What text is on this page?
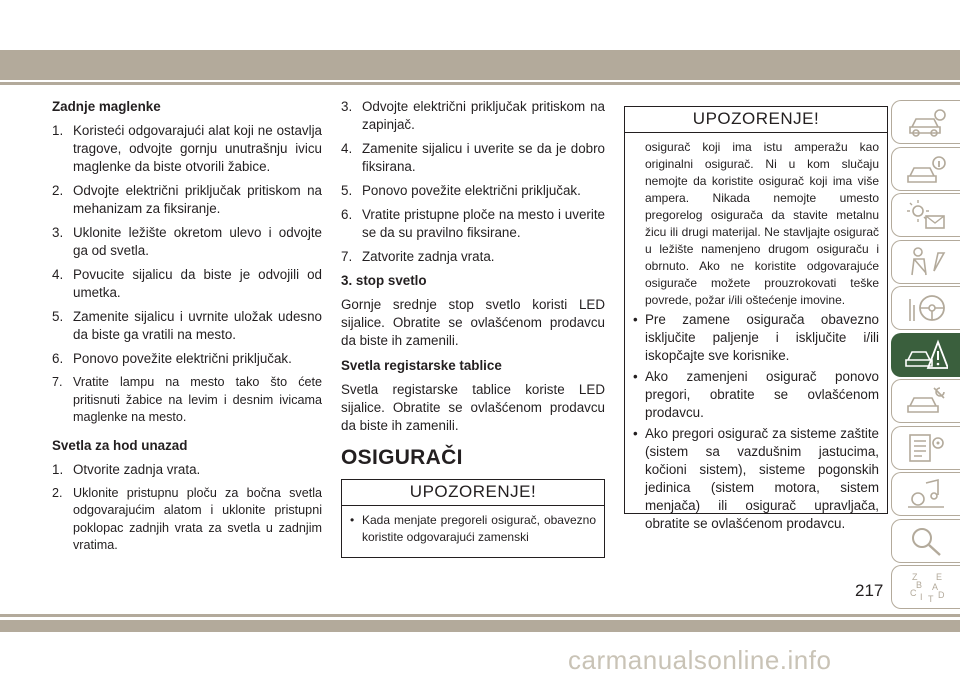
Zadnje maglenke
1. Koristeći odgovarajući alat koji ne ostavlja tragove, odvojte gornju unutrašnju ivicu maglenke da biste otvorili žabice.
2. Odvojte električni priključak pritiskom na mehanizam za fiksiranje.
3. Uklonite ležište okretom ulevo i odvojte ga od svetla.
4. Povucite sijalicu da biste je odvojili od umetka.
5. Zamenite sijalicu i uvrnite uložak udesno da biste ga vratili na mesto.
6. Ponovo povežite električni priključak.
7. Vratite lampu na mesto tako što ćete pritisnuti žabice na levim i desnim ivicama maglenke na mesto.
Svetla za hod unazad
1. Otvorite zadnja vrata.
2. Uklonite pristupnu ploču za bočna svetla odgovarajućim alatom i uklonite pristupni poklopac zadnjih vrata za svetla u zadnjim vratima.
3. Odvojte električni priključak pritiskom na zapinjač.
4. Zamenite sijalicu i uverite se da je dobro fiksirana.
5. Ponovo povežite električni priključak.
6. Vratite pristupne ploče na mesto i uverite se da su pravilno fiksirane.
7. Zatvorite zadnja vrata.
3. stop svetlo

Gornje srednje stop svetlo koristi LED sijalice. Obratite se ovlašćenom prodavcu da biste ih zamenili.

Svetla registarske tablice

Svetla registarske tablice koriste LED sijalice. Obratite se ovlašćenom prodavcu da biste ih zamenili.

OSIGURAČI
UPOZORENJE!
• Kada menjate pregoreli osigurač, obavezno koristite odgovarajući zamenski
UPOZORENJE!

osigurač koji ima istu amperažu kao originalni osigurač. Ni u kom slučaju nemojte da koristite osigurač koji ima više ampera. Nikada nemojte umesto pregorelog osigurača da stavite metalnu žicu ili drugi materijal. Ne stavljajte osigurač u ležište namenjeno drugom osiguraču i obrnuto. Ako ne koristite odgovarajuće osigurače možete prouzrokovati teške povrede, požar i/ili oštećenje imovine.

• Pre zamene osigurača obavezno isključite paljenje i isključite i/ili iskopčajte sve korisnike.
• Ako zamenjeni osigurač ponovo pregori, obratite se ovlašćenom prodavcu.
• Ako pregori osigurač za sisteme zaštite (sistem sa vazdušnim jastucima, kočioni sistem), sisteme pogonskih jedinica (sistem motora, sistem menjača) ili osigurač upravljača, obratite se ovlašćenom prodavcu.
Z E
B A
C I D
T
217
carmanualsonline.info
